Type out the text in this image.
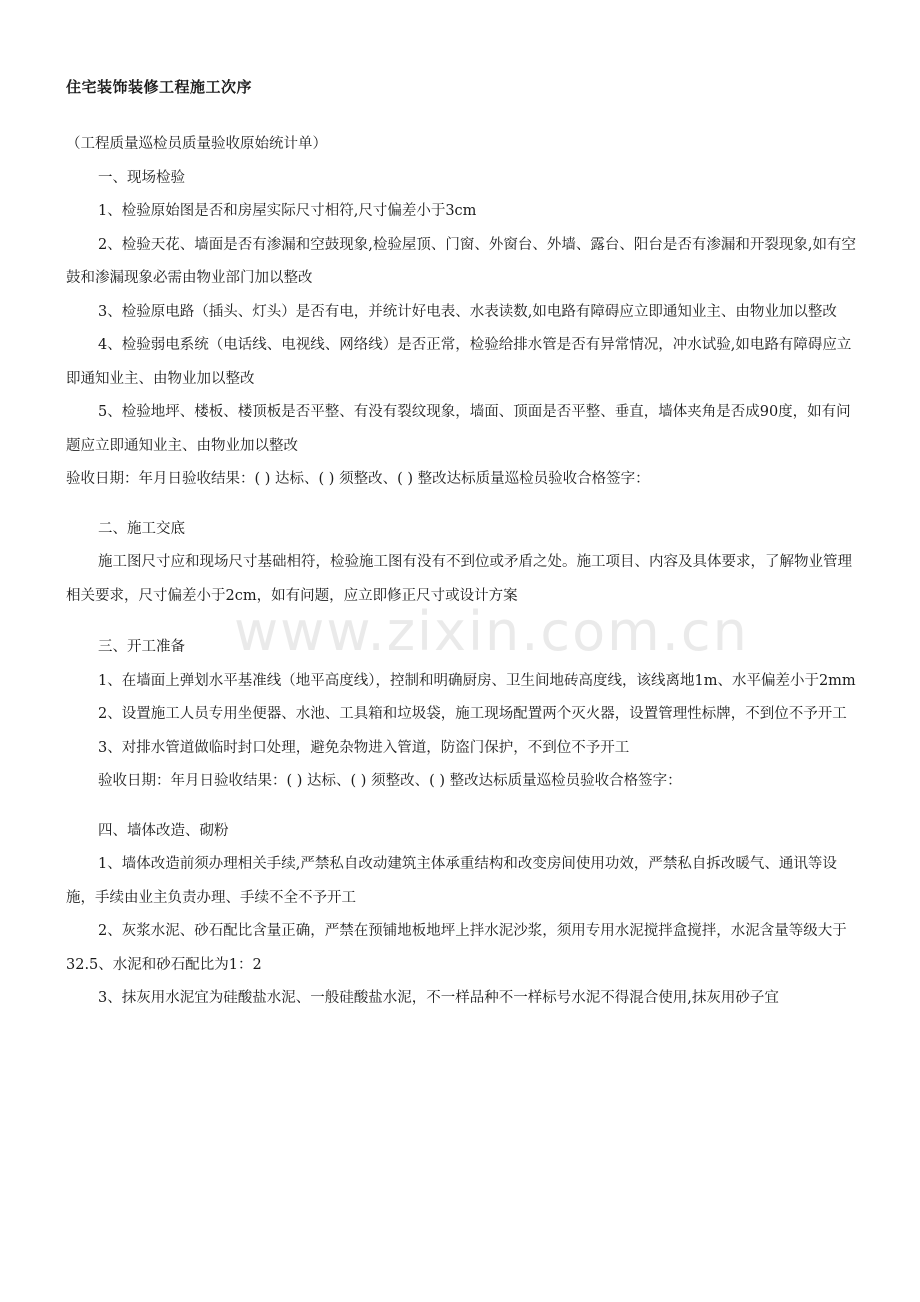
住宅装饰装修工程施工次序

（工程质量巡检员质量验收原始统计单）

一、现场检验

1、检验原始图是否和房屋实际尺寸相符,尺寸偏差小于3cm

2、检验天花、墙面是否有渗漏和空鼓现象,检验屋顶、门窗、外窗台、外墙、露台、阳台是否有渗漏和开裂现象,如有空鼓和渗漏现象必需由物业部门加以整改

3、检验原电路（插头、灯头）是否有电，并统计好电表、水表读数,如电路有障碍应立即通知业主、由物业加以整改

4、检验弱电系统（电话线、电视线、网络线）是否正常，检验给排水管是否有异常情况，冲水试验,如电路有障碍应立即通知业主、由物业加以整改

5、检验地坪、楼板、楼顶板是否平整、有没有裂纹现象，墙面、顶面是否平整、垂直，墙体夹角是否成90度，如有问题应立即通知业主、由物业加以整改

验收日期：年月日验收结果：( ) 达标、( ) 须整改、( ) 整改达标质量巡检员验收合格签字：

二、施工交底

施工图尺寸应和现场尺寸基础相符，检验施工图有没有不到位或矛盾之处。施工项目、内容及具体要求，了解物业管理相关要求，尺寸偏差小于2cm，如有问题，应立即修正尺寸或设计方案

三、开工准备

1、在墙面上弹划水平基准线（地平高度线），控制和明确厨房、卫生间地砖高度线，该线离地1m、水平偏差小于2mm

2、设置施工人员专用坐便器、水池、工具箱和垃圾袋，施工现场配置两个灭火器，设置管理性标牌，不到位不予开工

3、对排水管道做临时封口处理，避免杂物进入管道，防盗门保护，不到位不予开工

验收日期：年月日验收结果：( ) 达标、( ) 须整改、( ) 整改达标质量巡检员验收合格签字：

四、墙体改造、砌粉

1、墙体改造前须办理相关手续,严禁私自改动建筑主体承重结构和改变房间使用功效，严禁私自拆改暖气、通讯等设施，手续由业主负责办理、手续不全不予开工

2、灰浆水泥、砂石配比含量正确，严禁在预铺地板地坪上拌水泥沙浆，须用专用水泥搅拌盒搅拌，水泥含量等级大于32.5、水泥和砂石配比为1：2

3、抹灰用水泥宜为硅酸盐水泥、一般硅酸盐水泥，不一样品种不一样标号水泥不得混合使用,抹灰用砂子宜

www.zixin.com.cn
